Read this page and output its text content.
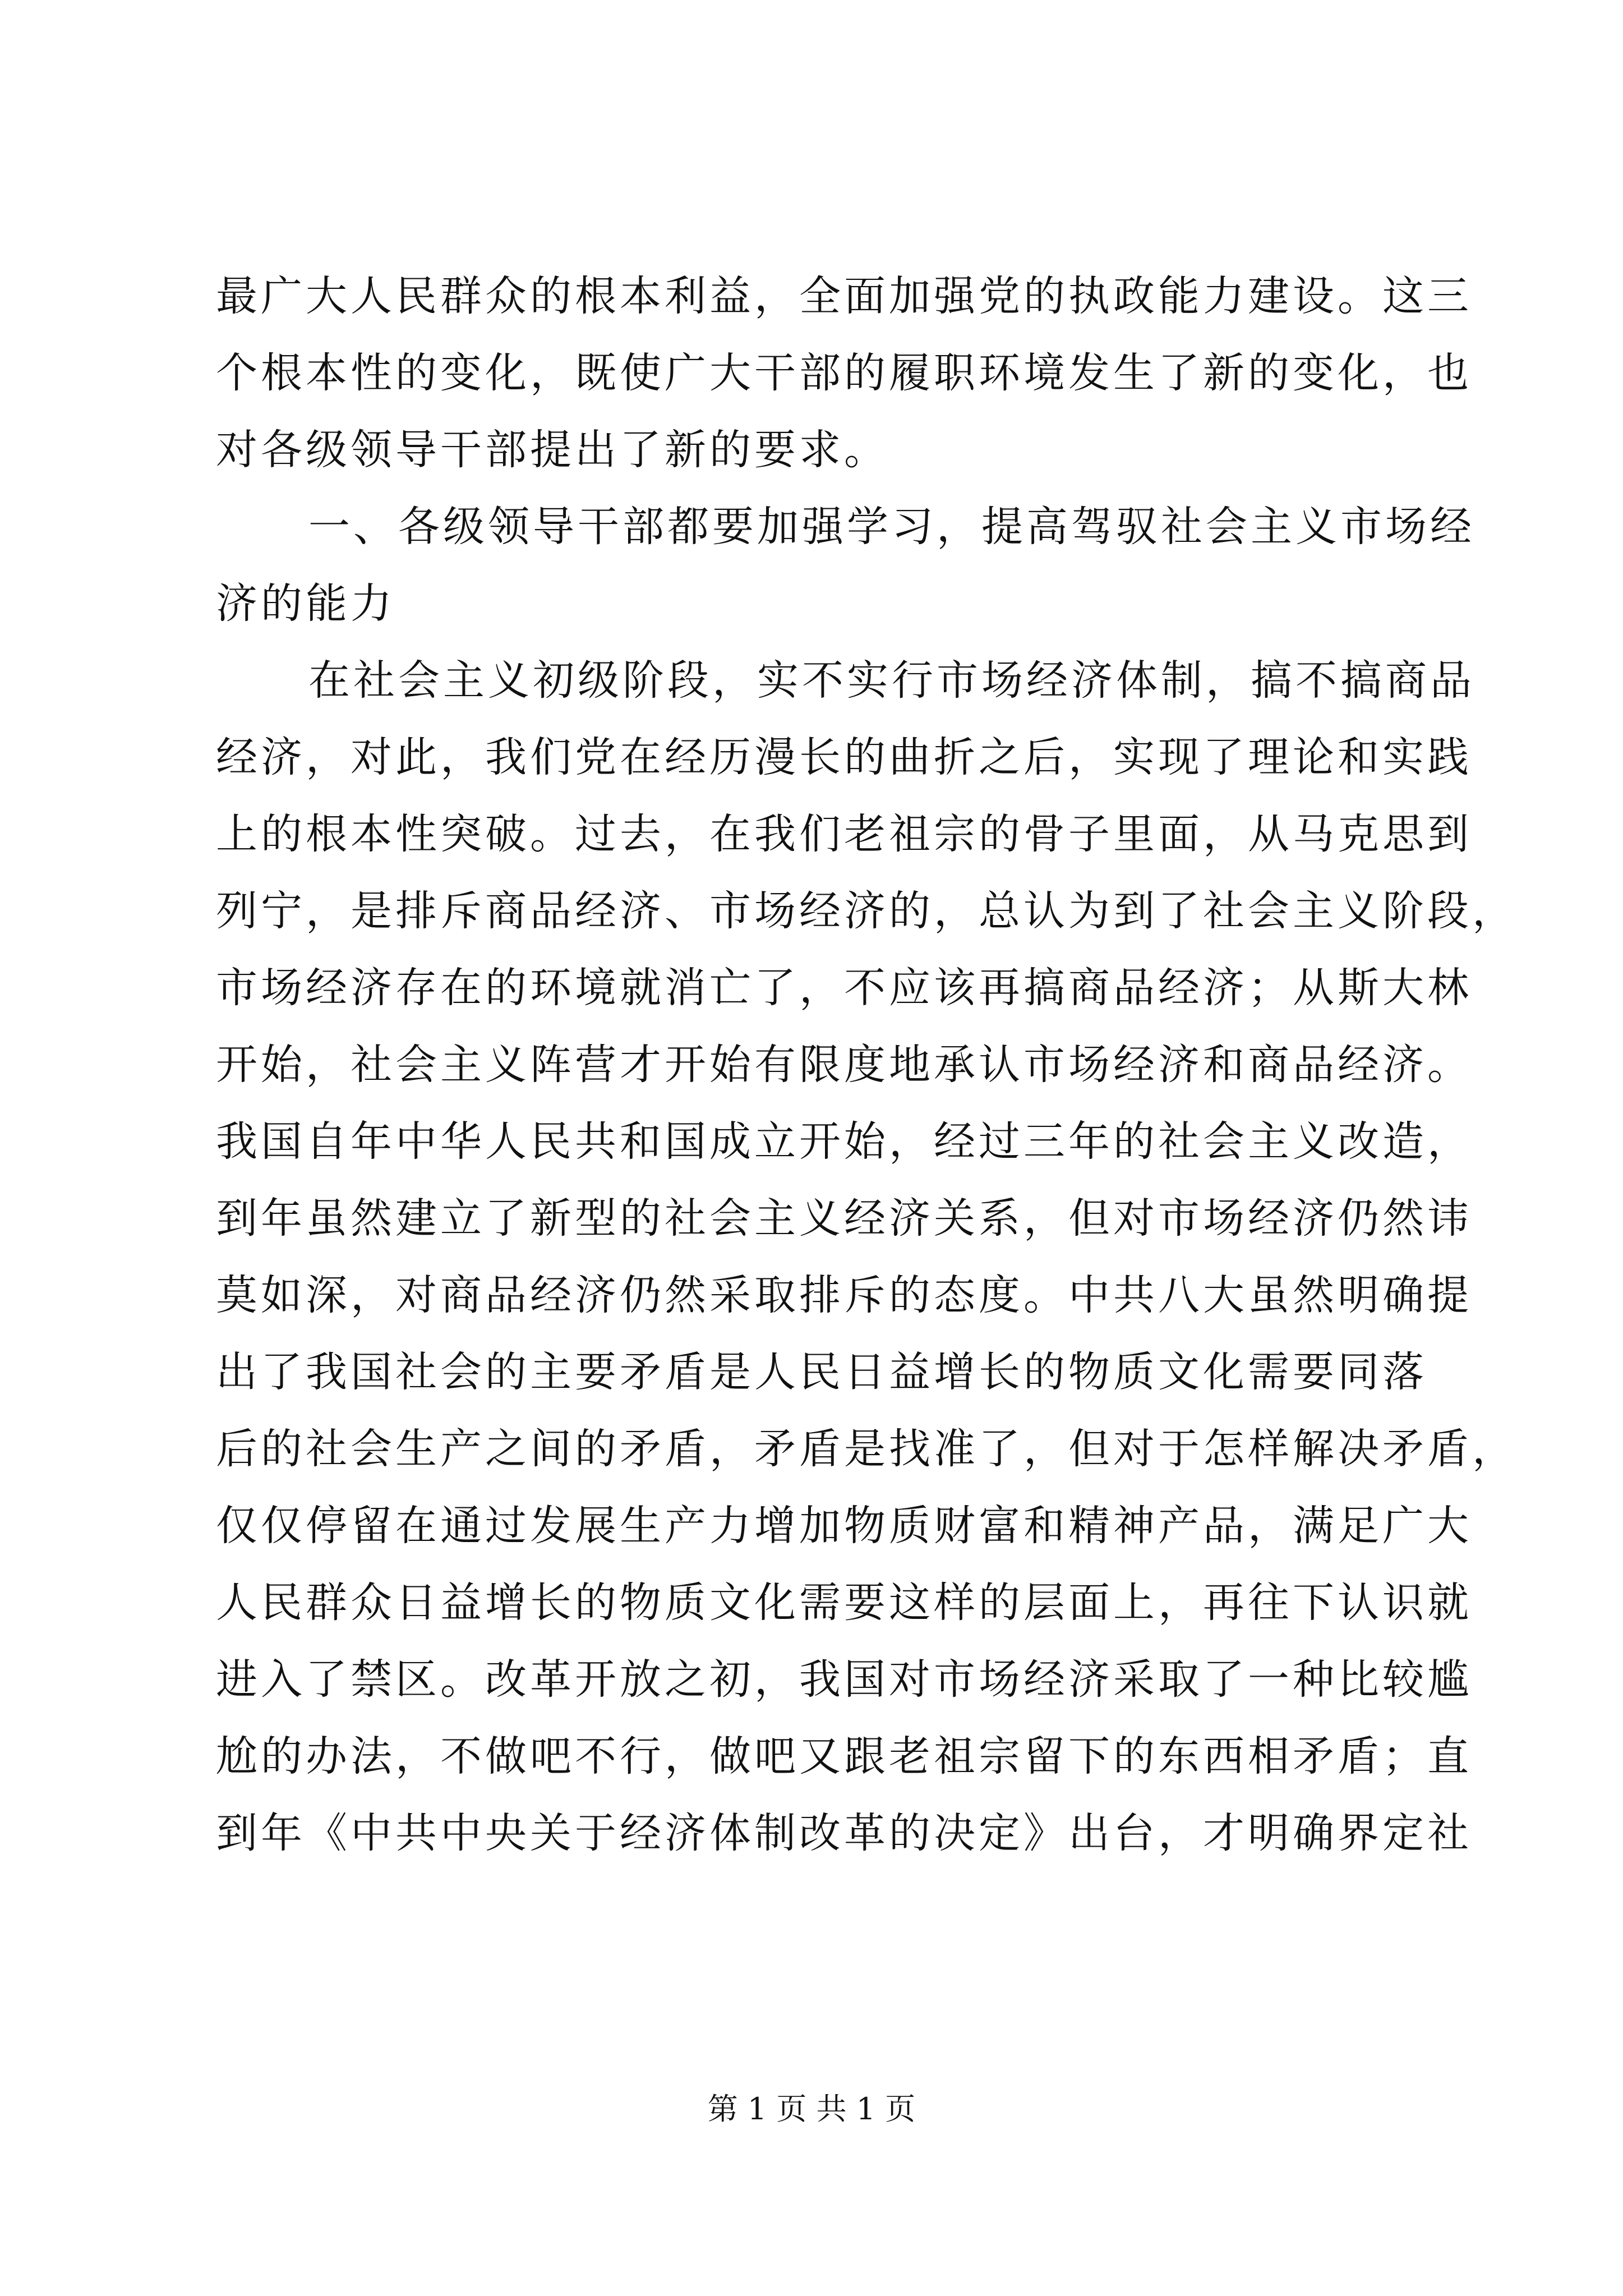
最广大人民群众的根本利益，全面加强党的执政能力建设。这三
个根本性的变化，既使广大干部的履职环境发生了新的变化，也
对各级领导干部提出了新的要求。
一、各级领导干部都要加强学习，提高驾驭社会主义市场经
济的能力
在社会主义初级阶段，实不实行市场经济体制，搞不搞商品
经济，对此，我们党在经历漫长的曲折之后，实现了理论和实践
上的根本性突破。过去，在我们老祖宗的骨子里面，从马克思到
列宁，是排斥商品经济、市场经济的，总认为到了社会主义阶段，
市场经济存在的环境就消亡了，不应该再搞商品经济；从斯大林
开始，社会主义阵营才开始有限度地承认市场经济和商品经济。
我国自年中华人民共和国成立开始，经过三年的社会主义改造，
到年虽然建立了新型的社会主义经济关系，但对市场经济仍然讳
莫如深，对商品经济仍然采取排斥的态度。中共八大虽然明确提
出了我国社会的主要矛盾是人民日益增长的物质文化需要同落
后的社会生产之间的矛盾，矛盾是找准了，但对于怎样解决矛盾，
仅仅停留在通过发展生产力增加物质财富和精神产品，满足广大
人民群众日益增长的物质文化需要这样的层面上，再往下认识就
进入了禁区。改革开放之初，我国对市场经济采取了一种比较尴
尬的办法，不做吧不行，做吧又跟老祖宗留下的东西相矛盾；直
到年《中共中央关于经济体制改革的决定》出台，才明确界定社
第 1 页 共 1 页
